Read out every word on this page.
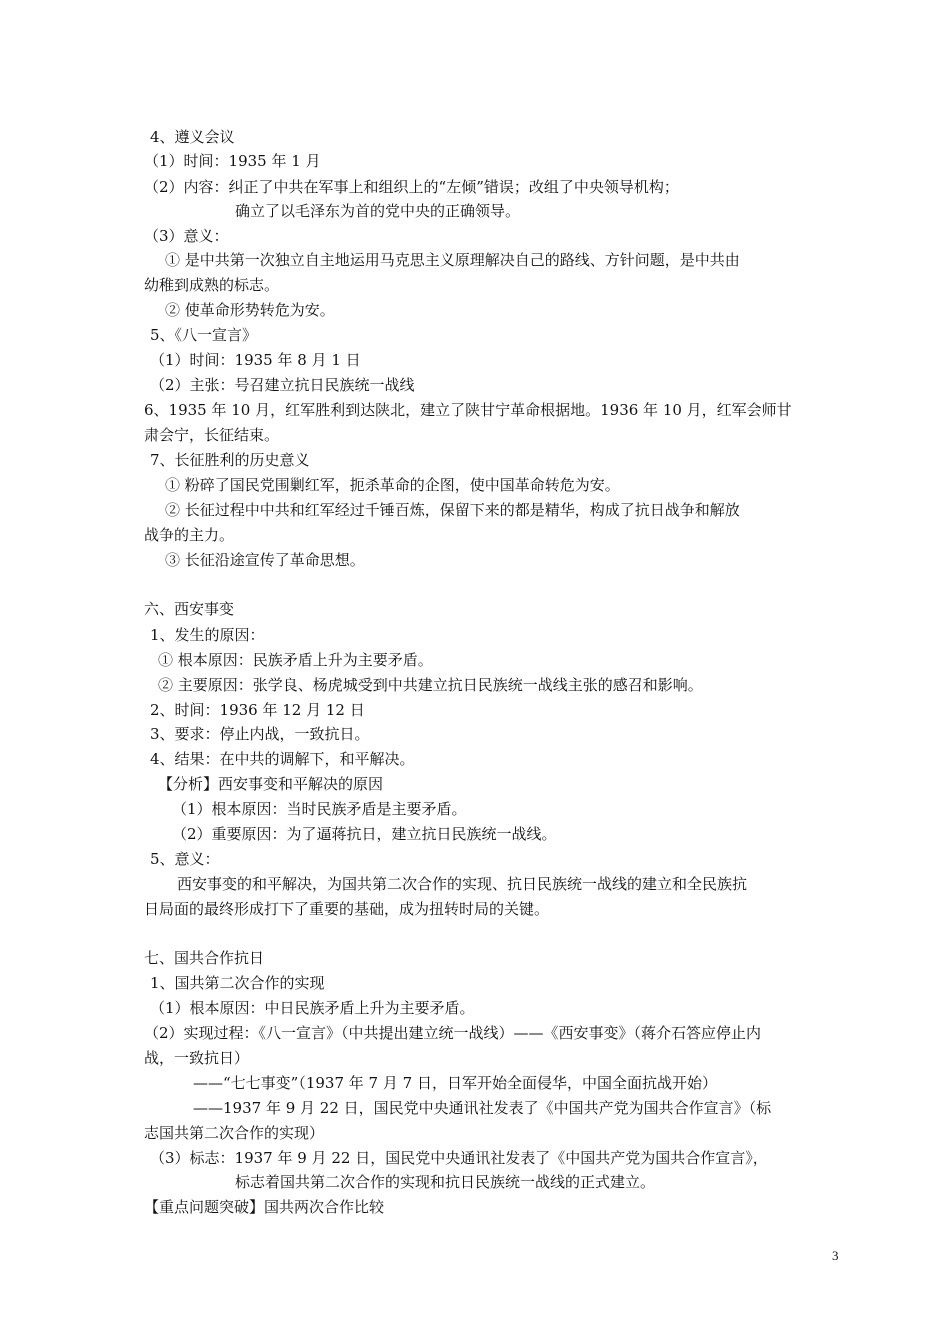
4、遵义会议
（1）时间：1935 年 1 月
（2）内容：纠正了中共在军事上和组织上的“左倾”错误；改组了中央领导机构；
确立了以毛泽东为首的党中央的正确领导。
（3）意义：
① 是中共第一次独立自主地运用马克思主义原理解决自己的路线、方针问题，是中共由
幼稚到成熟的标志。
② 使革命形势转危为安。
5、《八一宣言》
（1）时间：1935 年 8 月 1 日
（2）主张：号召建立抗日民族统一战线
6、1935 年 10 月，红军胜利到达陕北，建立了陕甘宁革命根据地。1936 年 10 月，红军会师甘
肃会宁，长征结束。
7、长征胜利的历史意义
① 粉碎了国民党围剿红军，扼杀革命的企图，使中国革命转危为安。
② 长征过程中中共和红军经过千锤百炼，保留下来的都是精华，构成了抗日战争和解放
战争的主力。
③ 长征沿途宣传了革命思想。
六、西安事变
1、发生的原因：
① 根本原因：民族矛盾上升为主要矛盾。
② 主要原因：张学良、杨虎城受到中共建立抗日民族统一战线主张的感召和影响。
2、时间：1936 年 12 月 12 日
3、要求：停止内战，一致抗日。
4、结果：在中共的调解下，和平解决。
【分析】西安事变和平解决的原因
（1）根本原因：当时民族矛盾是主要矛盾。
（2）重要原因：为了逼蒋抗日，建立抗日民族统一战线。
5、意义：
西安事变的和平解决，为国共第二次合作的实现、抗日民族统一战线的建立和全民族抗
日局面的最终形成打下了重要的基础，成为扭转时局的关键。
七、国共合作抗日
1、国共第二次合作的实现
（1）根本原因：中日民族矛盾上升为主要矛盾。
（2）实现过程：《八一宣言》（中共提出建立统一战线）——《西安事变》（蒋介石答应停止内
战，一致抗日）
——“七七事变”（1937 年 7 月 7 日，日军开始全面侵华，中国全面抗战开始）
——1937 年 9 月 22 日，国民党中央通讯社发表了《中国共产党为国共合作宣言》（标
志国共第二次合作的实现）
（3）标志：1937 年 9 月 22 日，国民党中央通讯社发表了《中国共产党为国共合作宣言》，
标志着国共第二次合作的实现和抗日民族统一战线的正式建立。
【重点问题突破】国共两次合作比较
3
